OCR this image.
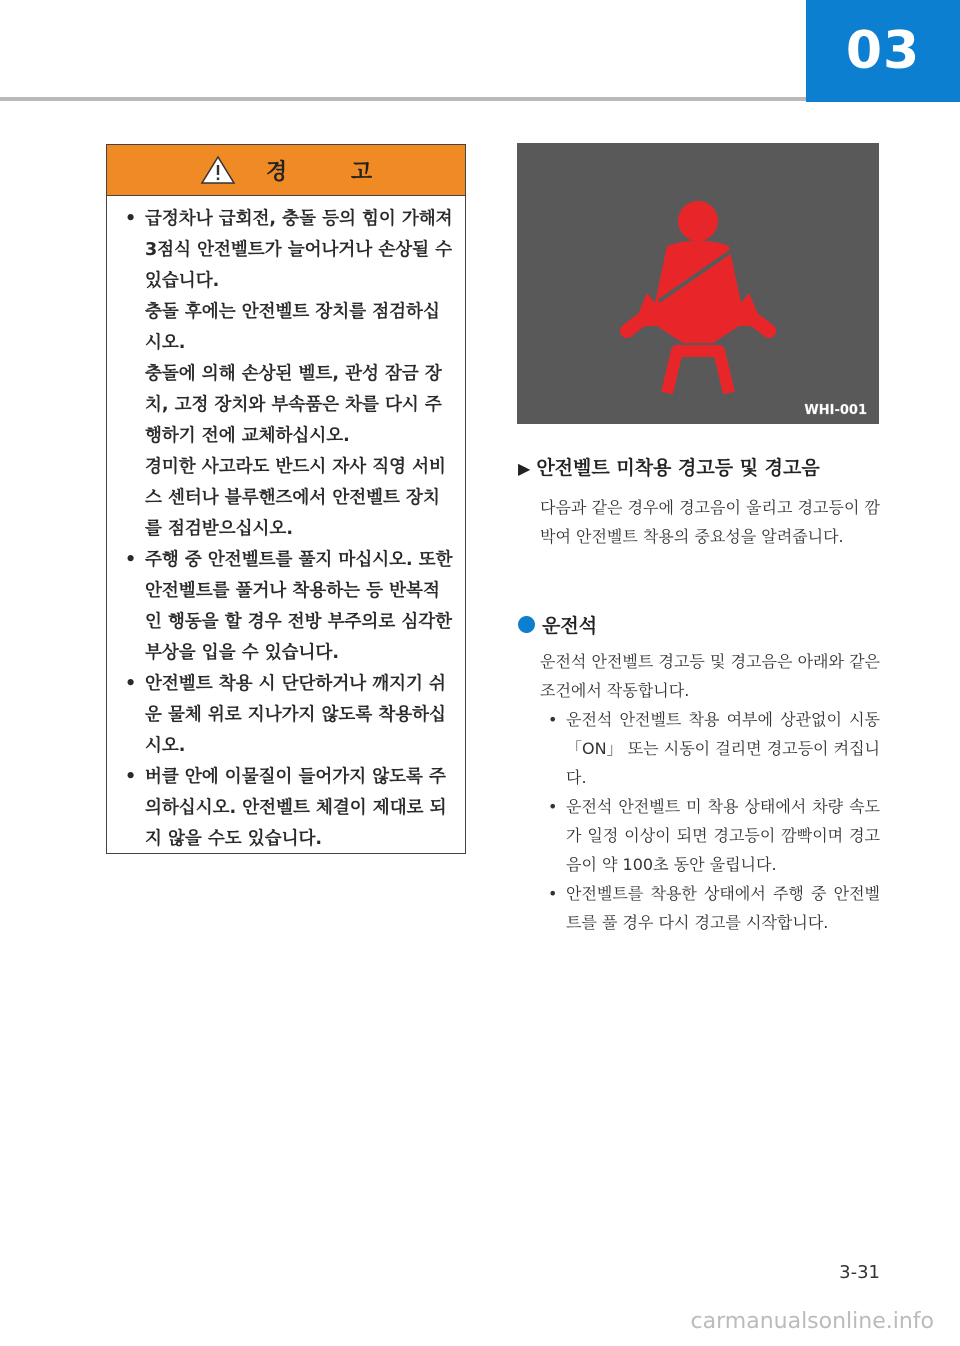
03
경 고
• 급정차나 급회전, 충돌 등의 힘이 가해져 3점식 안전벨트가 늘어나거나 손상될 수 있습니다.
충돌 후에는 안전벨트 장치를 점검하십시오.
충돌에 의해 손상된 벨트, 관성 잠금 장치, 고정 장치와 부속품은 차를 다시 주행하기 전에 교체하십시오.
경미한 사고라도 반드시 자사 직영 서비스 센터나 블루핸즈에서 안전벨트 장치를 점검받으십시오.
• 주행 중 안전벨트를 풀지 마십시오. 또한 안전벨트를 풀거나 착용하는 등 반복적인 행동을 할 경우 전방 부주의로 심각한 부상을 입을 수 있습니다.
• 안전벨트 착용 시 단단하거나 깨지기 쉬운 물체 위로 지나가지 않도록 착용하십시오.
• 버클 안에 이물질이 들어가지 않도록 주의하십시오. 안전벨트 체결이 제대로 되지 않을 수도 있습니다.
WHI-001
▶ 안전벨트 미착용 경고등 및 경고음
다음과 같은 경우에 경고음이 울리고 경고등이 깜박여 안전벨트 착용의 중요성을 알려줍니다.
운전석
운전석 안전벨트 경고등 및 경고음은 아래와 같은 조건에서 작동합니다.
• 운전석 안전벨트 착용 여부에 상관없이 시동 「ON」 또는 시동이 걸리면 경고등이 켜집니다.
• 운전석 안전벨트 미 착용 상태에서 차량 속도가 일정 이상이 되면 경고등이 깜빡이며 경고음이 약 100초 동안 울립니다.
• 안전벨트를 착용한 상태에서 주행 중 안전벨트를 풀 경우 다시 경고를 시작합니다.
3-31
carmanualsonline.info
